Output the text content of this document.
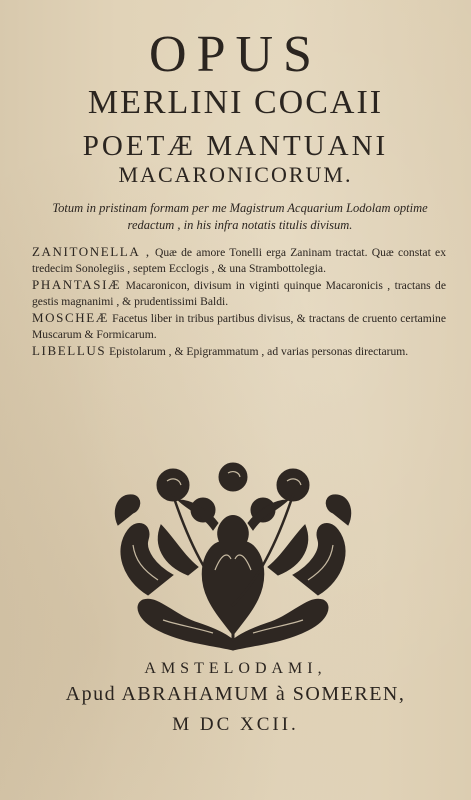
OPUS
MERLINI COCAII
POETÆ MANTUANI
MACARONICORUM.
Totum in pristinam formam per me Magistrum Acquarium Lodolam optime redactum , in his infra notatis titulis divisum.
ZANITONELLA , Quæ de amore Tonelli erga Zaninam tractat. Quæ constat ex tredecim Sonolegiis , septem Ecclogis , & una Strambottolegia.
PHANTASIÆ Macaronicon, divisum in viginti quinque Macaronicis , tractans de gestis magnanimi , & prudentissimi Baldi.
MOSCHEÆ Facetus liber in tribus partibus divisus, & tractans de cruento certamine Muscarum & Formicarum.
LIBELLUS Epistolarum , & Epigrammatum , ad varias personas directarum.
AMSTELODAMI,
Apud ABRAHAMUM à SOMEREN,
M DC XCII.
